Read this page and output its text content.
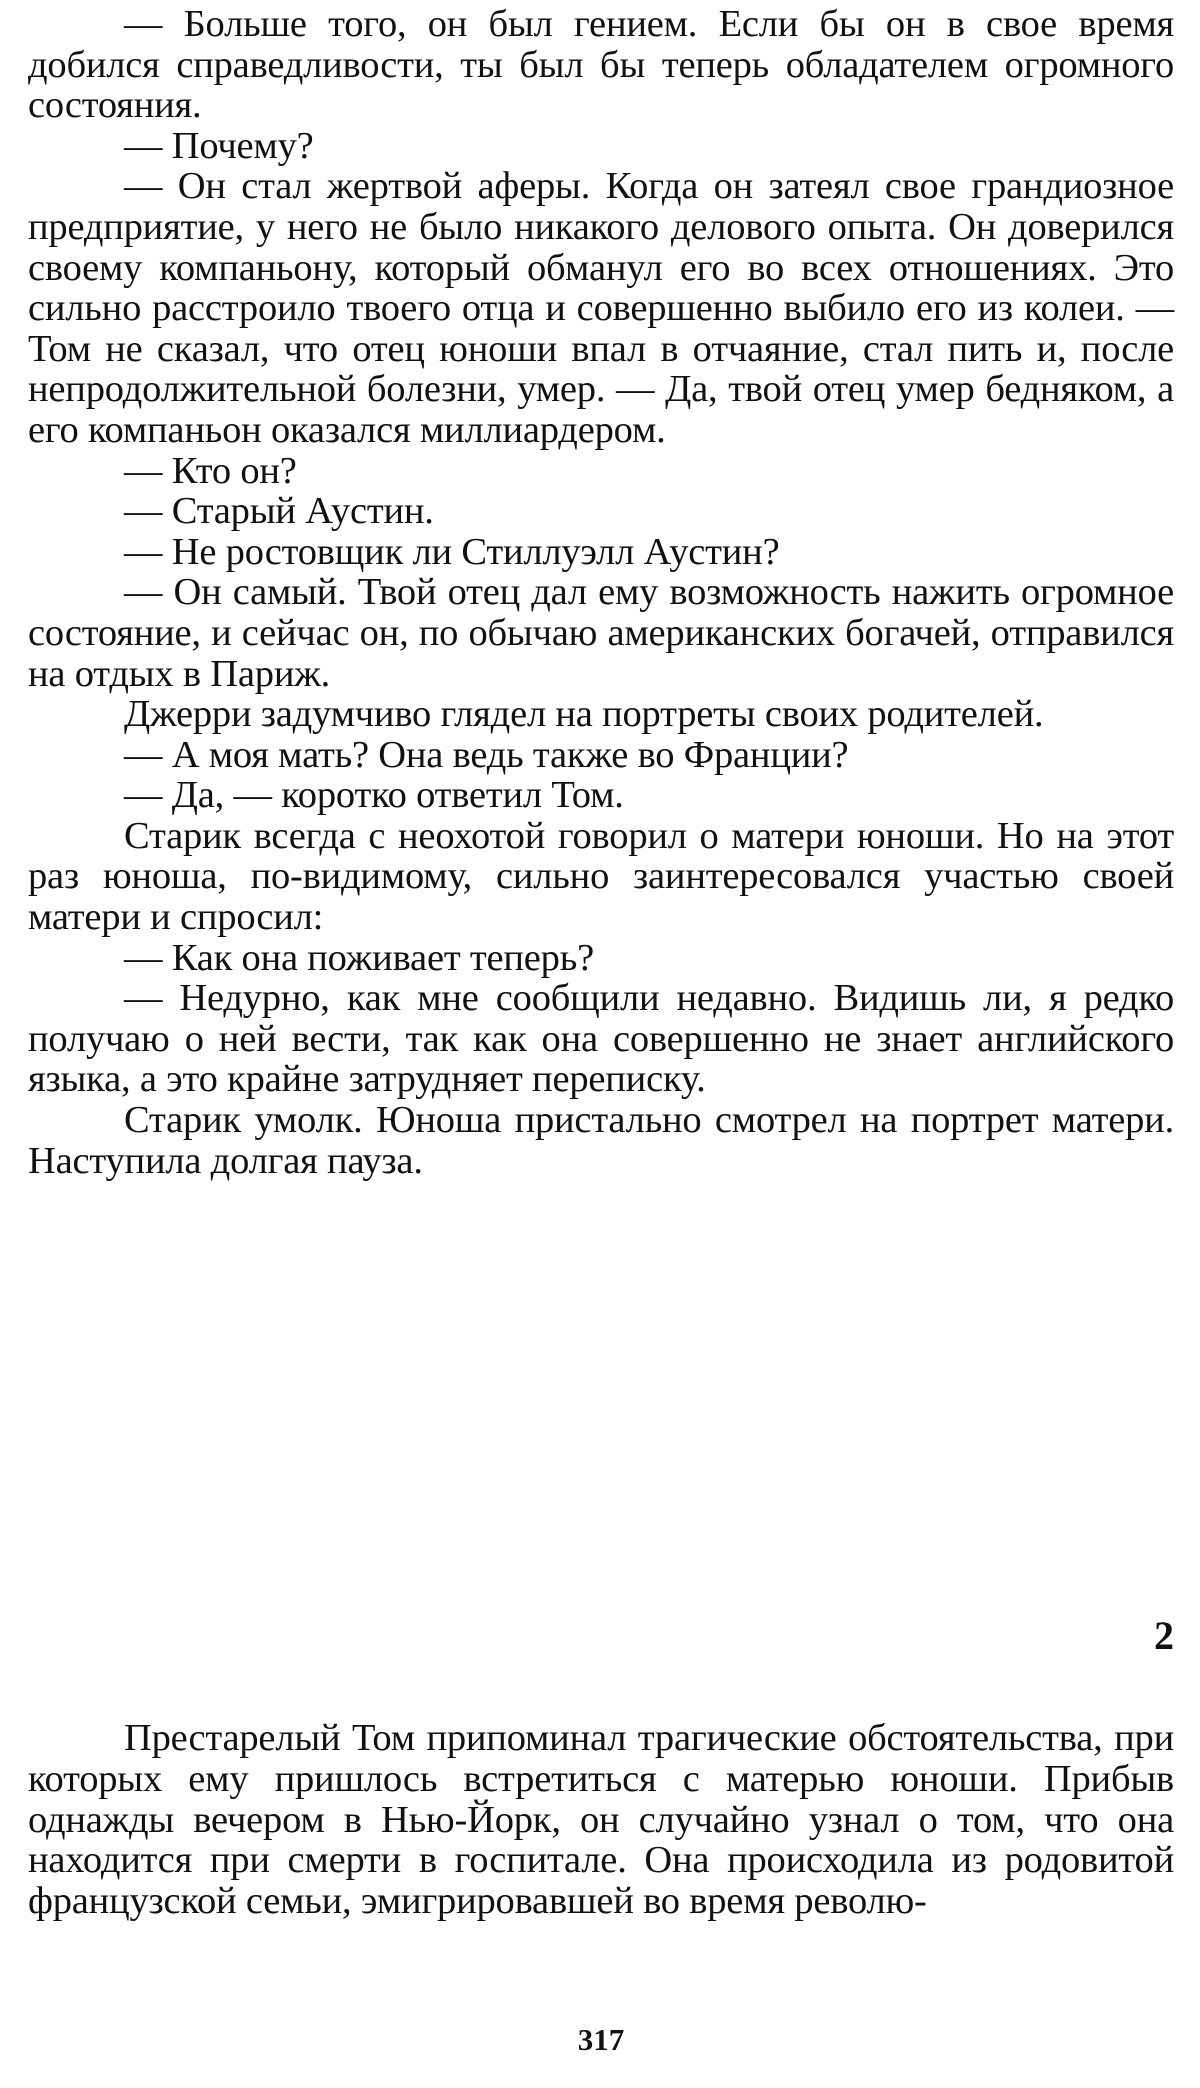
— Больше того, он был гением. Если бы он в свое время добился справедливости, ты был бы теперь обладателем огромного состояния.

— Почему?

— Он стал жертвой аферы. Когда он затеял свое грандиозное предприятие, у него не было никакого делового опыта. Он доверился своему компаньону, который обманул его во всех отношениях. Это сильно расстроило твоего отца и совершенно выбило его из колеи. — Том не сказал, что отец юноши впал в отчаяние, стал пить и, после непродолжительной болезни, умер. — Да, твой отец умер бедняком, а его компаньон оказался миллиардером.

— Кто он?

— Старый Аустин.

— Не ростовщик ли Стиллуэлл Аустин?

— Он самый. Твой отец дал ему возможность нажить огромное состояние, и сейчас он, по обычаю американских богачей, отправился на отдых в Париж.

Джерри задумчиво глядел на портреты своих родителей.

— А моя мать? Она ведь также во Франции?

— Да, — коротко ответил Том.

Старик всегда с неохотой говорил о матери юноши. Но на этот раз юноша, по-видимому, сильно заинтересовался участью своей матери и спросил:

— Как она поживает теперь?

— Недурно, как мне сообщили недавно. Видишь ли, я редко получаю о ней вести, так как она совершенно не знает английского языка, а это крайне затрудняет переписку.

Старик умолк. Юноша пристально смотрел на портрет матери. Наступила долгая пауза.

2

Престарелый Том припоминал трагические обстоятельства, при которых ему пришлось встретиться с матерью юноши. Прибыв однажды вечером в Нью-Йорк, он случайно узнал о том, что она находится при смерти в госпитале. Она происходила из родовитой французской семьи, эмигрировавшей во время револю-

317
